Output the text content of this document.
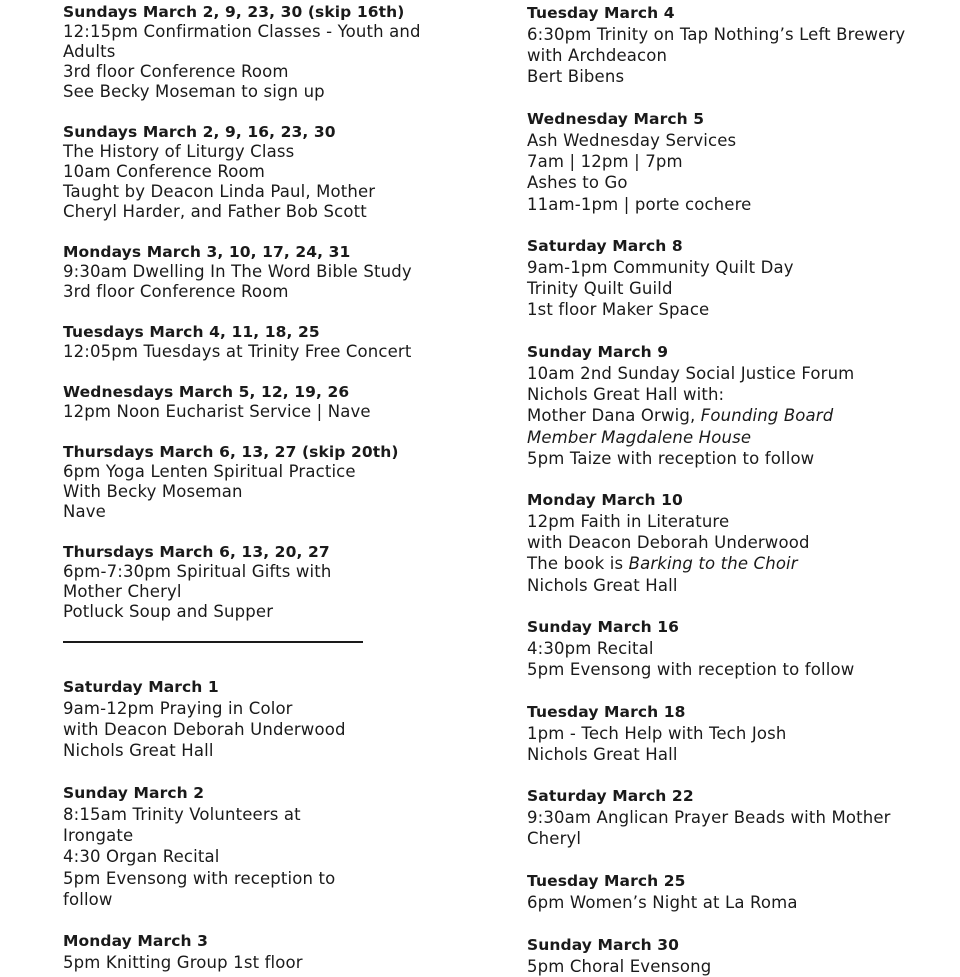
Sundays March 2, 9, 23, 30 (skip 16th)
12:15pm Confirmation Classes - Youth and
Adults
3rd floor Conference Room
See Becky Moseman to sign up
Sundays March 2, 9, 16, 23, 30
The History of Liturgy Class
10am Conference Room
Taught by Deacon Linda Paul, Mother
Cheryl Harder, and Father Bob Scott
Mondays March 3, 10, 17, 24, 31
9:30am Dwelling In The Word Bible Study
3rd floor Conference Room
Tuesdays March 4, 11, 18, 25
12:05pm Tuesdays at Trinity Free Concert
Wednesdays March 5, 12, 19, 26
12pm Noon Eucharist Service | Nave
Thursdays March 6, 13, 27 (skip 20th)
6pm Yoga Lenten Spiritual Practice
With Becky Moseman
Nave
Thursdays March 6, 13, 20, 27
6pm-7:30pm Spiritual Gifts with
Mother Cheryl
Potluck Soup and Supper
Saturday March 1
9am-12pm Praying in Color
with Deacon Deborah Underwood
Nichols Great Hall
Sunday March 2
8:15am Trinity Volunteers at
Irongate
4:30 Organ Recital
5pm Evensong with reception to
follow
Monday March 3
5pm Knitting Group 1st floor
Tuesday March 4
6:30pm Trinity on Tap Nothing’s Left Brewery
with Archdeacon
Bert Bibens
Wednesday March 5
Ash Wednesday Services
7am | 12pm | 7pm
Ashes to Go
11am-1pm | porte cochere
Saturday March 8
9am-1pm Community Quilt Day
Trinity Quilt Guild
1st floor Maker Space
Sunday March 9
10am 2nd Sunday Social Justice Forum
Nichols Great Hall with:
Mother Dana Orwig, Founding Board
Member Magdalene House
5pm Taize with reception to follow
Monday March 10
12pm Faith in Literature
with Deacon Deborah Underwood
The book is Barking to the Choir
Nichols Great Hall
Sunday March 16
4:30pm Recital
5pm Evensong with reception to follow
Tuesday March 18
1pm - Tech Help with Tech Josh
Nichols Great Hall
Saturday March 22
9:30am Anglican Prayer Beads with Mother
Cheryl
Tuesday March 25
6pm Women’s Night at La Roma
Sunday March 30
5pm Choral Evensong
